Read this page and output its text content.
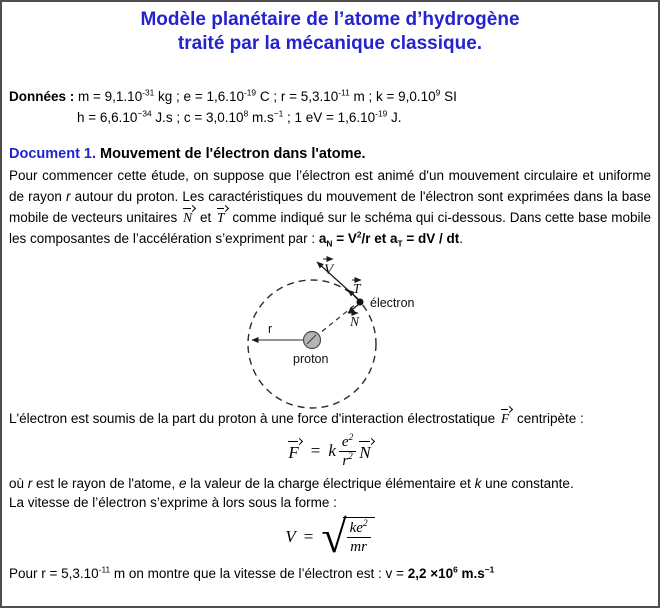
Modèle planétaire de l’atome d’hydrogène
traité par la mécanique classique.
Données : $m = 9,1.10^{-31}$ kg ; $e = 1,6.10^{-19}$ C ; $r = 5,3.10^{-11}$ m ; $k = 9,0.10^9$ SI
$h = 6,6.10^{-34}$ J.s ; $c = 3,0.10^8$ $m.s^{-1}$ ; 1 eV = $1,6.10^{-19}$ J.
Document 1. Mouvement de l'électron dans l'atome.

Pour commencer cette étude, on suppose que l’électron est animé d'un mouvement circulaire et uniforme de rayon r autour du proton. Les caractéristiques du mouvement de l'électron sont exprimées dans la base mobile de vecteurs unitaires N et T comme indiqué sur le schéma qui ci-dessous. Dans cette base mobile les composantes de l’accélération s’expriment par : $a_N = V^2/r$ et $a_T$ = dV / dt.

r
proton
électron
V
T
N

L'électron est soumis de la part du proton à une force d'interaction électrostatique F centripète :

F = k $\frac{e^2}{r^2}$ N

où r est le rayon de l'atome, e la valeur de la charge électrique élémentaire et k une constante.

La vitesse de l’électron s’exprime à lors sous la forme :

V = √ $\frac{ke^2}{mr}$

Pour $r = 5,3.10^{-11}$ m on montre que la vitesse de l’électron est : $v = 2,2 \times 10^6$ $m.s^{-1}$
